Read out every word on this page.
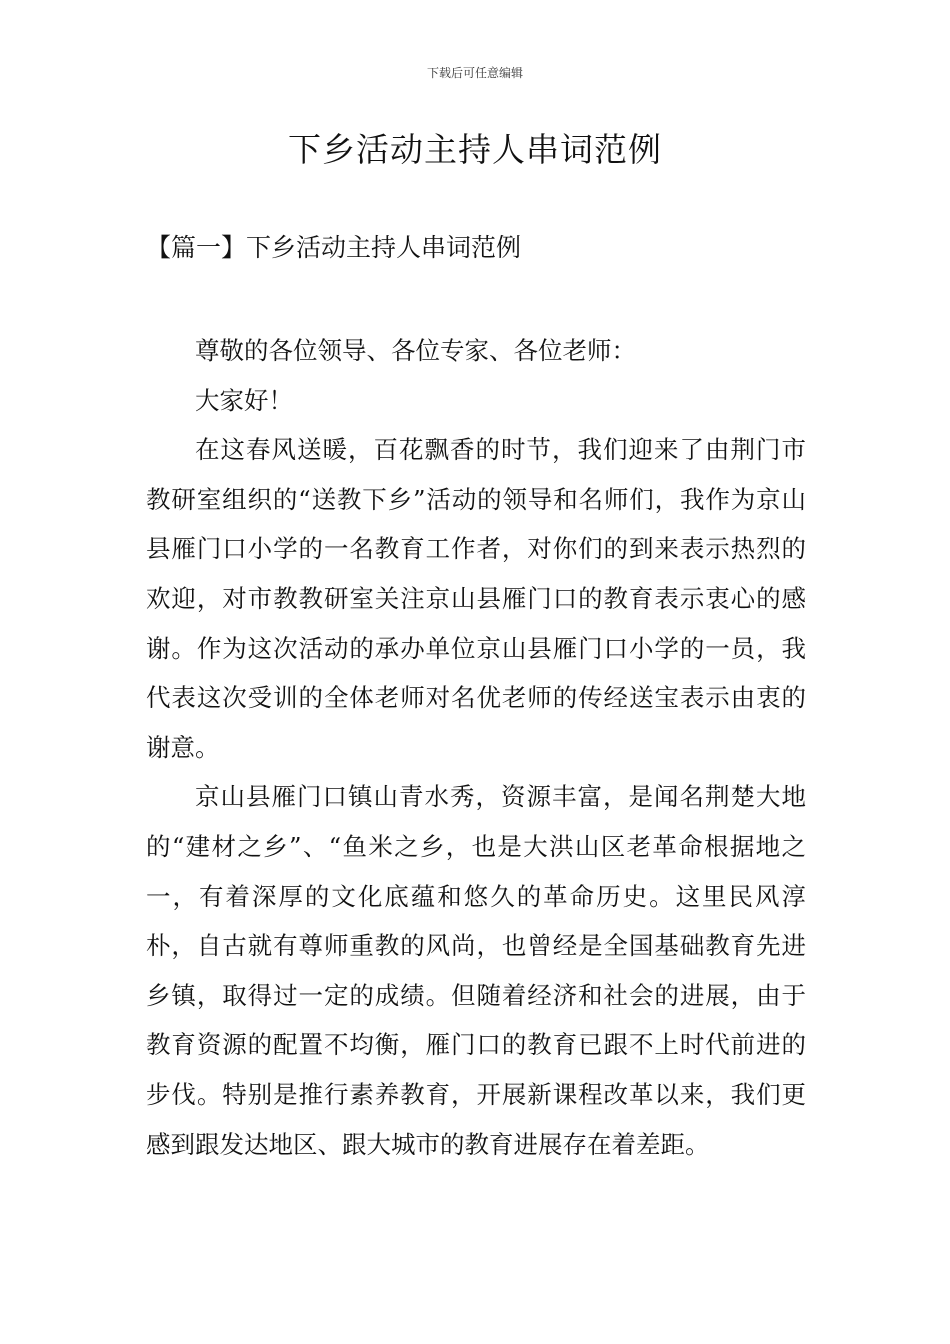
下载后可任意编辑
下乡活动主持人串词范例
【篇一】下乡活动主持人串词范例

尊敬的各位领导、各位专家、各位老师：

大家好！

在这春风送暖，百花飘香的时节，我们迎来了由荆门市教研室组织的“送教下乡”活动的领导和名师们，我作为京山县雁门口小学的一名教育工作者，对你们的到来表示热烈的欢迎，对市教教研室关注京山县雁门口的教育表示衷心的感谢。作为这次活动的承办单位京山县雁门口小学的一员，我代表这次受训的全体老师对名优老师的传经送宝表示由衷的谢意。

京山县雁门口镇山青水秀，资源丰富，是闻名荆楚大地的“建材之乡”、“鱼米之乡，也是大洪山区老革命根据地之一，有着深厚的文化底蕴和悠久的革命历史。这里民风淳朴，自古就有尊师重教的风尚，也曾经是全国基础教育先进乡镇，取得过一定的成绩。但随着经济和社会的进展，由于教育资源的配置不均衡，雁门口的教育已跟不上时代前进的步伐。特别是推行素养教育，开展新课程改革以来，我们更感到跟发达地区、跟大城市的教育进展存在着差距。
